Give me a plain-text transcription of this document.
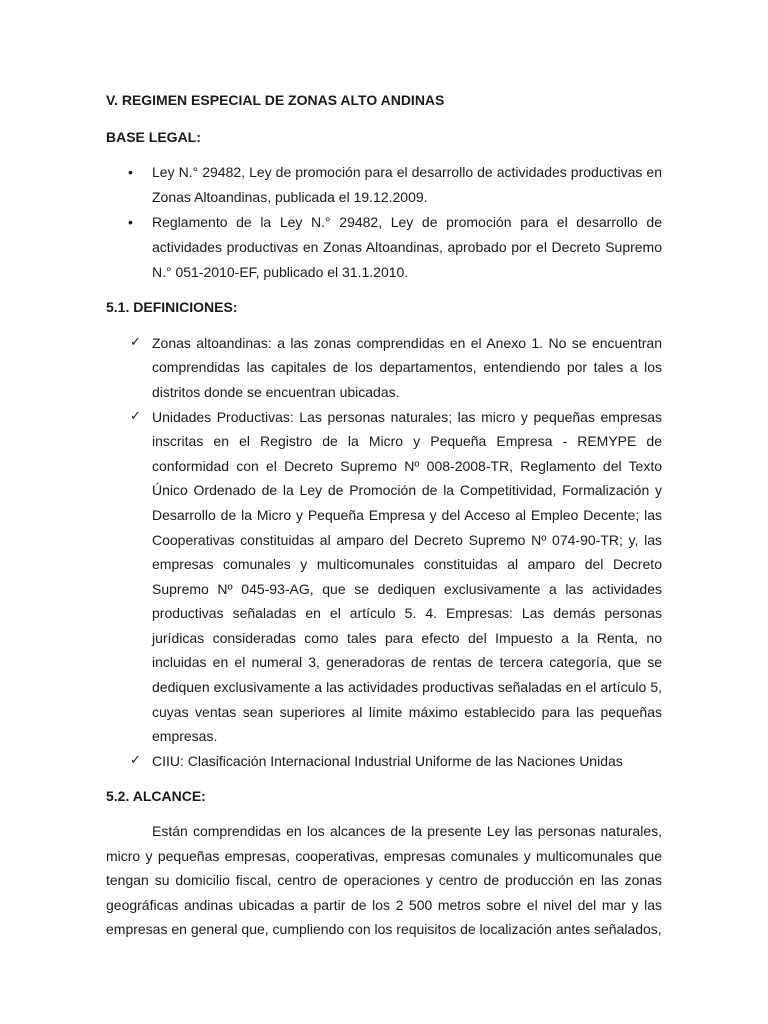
V. REGIMEN ESPECIAL DE ZONAS ALTO ANDINAS
BASE LEGAL:
• Ley N.° 29482, Ley de promoción para el desarrollo de actividades productivas en Zonas Altoandinas, publicada el 19.12.2009.
• Reglamento de la Ley N.° 29482, Ley de promoción para el desarrollo de actividades productivas en Zonas Altoandinas, aprobado por el Decreto Supremo N.° 051-2010-EF, publicado el 31.1.2010.
5.1. DEFINICIONES:
✓ Zonas altoandinas: a las zonas comprendidas en el Anexo 1. No se encuentran comprendidas las capitales de los departamentos, entendiendo por tales a los distritos donde se encuentran ubicadas.
✓ Unidades Productivas: Las personas naturales; las micro y pequeñas empresas inscritas en el Registro de la Micro y Pequeña Empresa - REMYPE de conformidad con el Decreto Supremo Nº 008-2008-TR, Reglamento del Texto Único Ordenado de la Ley de Promoción de la Competitividad, Formalización y Desarrollo de la Micro y Pequeña Empresa y del Acceso al Empleo Decente; las Cooperativas constituidas al amparo del Decreto Supremo Nº 074-90-TR; y, las empresas comunales y multicomunales constituidas al amparo del Decreto Supremo Nº 045-93-AG, que se dediquen exclusivamente a las actividades productivas señaladas en el artículo 5. 4. Empresas: Las demás personas jurídicas consideradas como tales para efecto del Impuesto a la Renta, no incluidas en el numeral 3, generadoras de rentas de tercera categoría, que se dediquen exclusivamente a las actividades productivas señaladas en el artículo 5, cuyas ventas sean superiores al límite máximo establecido para las pequeñas empresas.
✓ CIIU: Clasificación Internacional Industrial Uniforme de las Naciones Unidas
5.2. ALCANCE:

Están comprendidas en los alcances de la presente Ley las personas naturales, micro y pequeñas empresas, cooperativas, empresas comunales y multicomunales que tengan su domicilio fiscal, centro de operaciones y centro de producción en las zonas geográficas andinas ubicadas a partir de los 2 500 metros sobre el nivel del mar y las empresas en general que, cumpliendo con los requisitos de localización antes señalados,
